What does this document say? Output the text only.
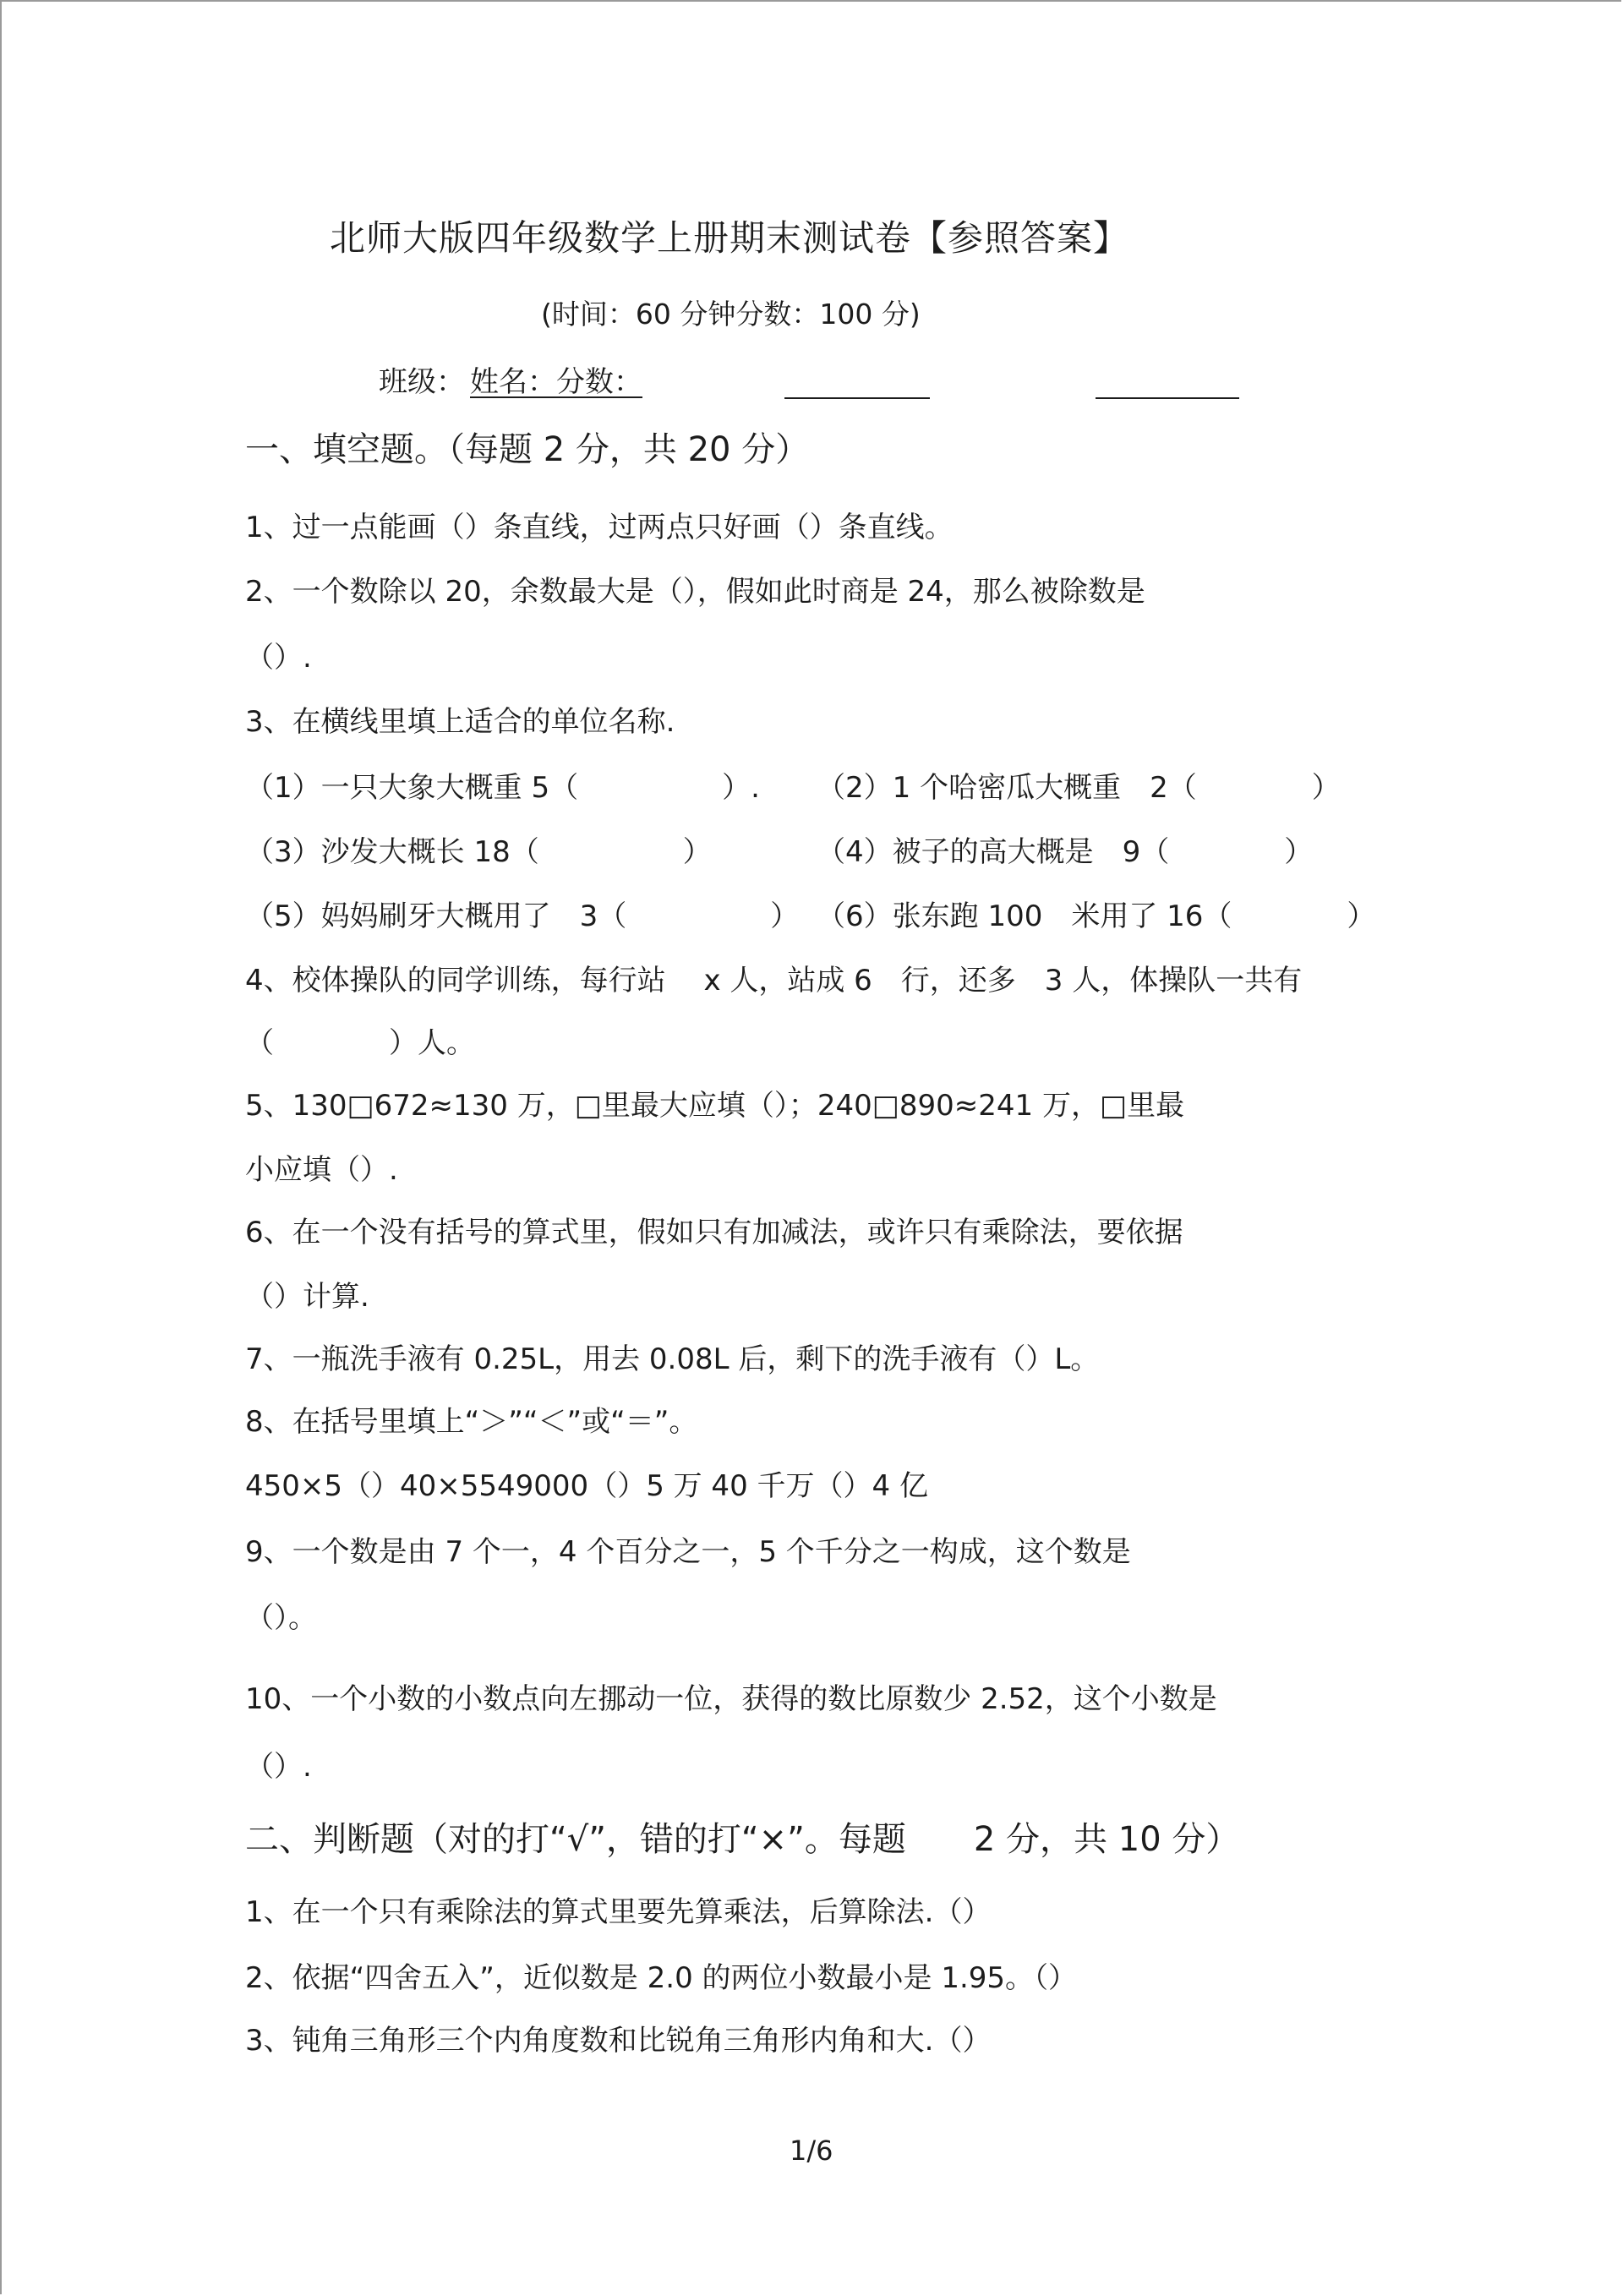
北师大版四年级数学上册期末测试卷【参照答案】
(时间：60 分钟分数：100 分)
班级： 姓名：分数：
一、填空题。（每题 2 分，共 20 分）
1、过一点能画（）条直线，过两点只好画（）条直线。
2、一个数除以 20，余数最大是（），假如此时商是 24，那么被除数是
（）.
3、在横线里填上适合的单位名称.
（1）一只大象大概重 5（　　　　　）. （2）1 个哈密瓜大概重　2（　　　　）
（3）沙发大概长 18（　　　　　）	（4）被子的高大概是　9（　　　　）
（5）妈妈刷牙大概用了　3（　　　　　） （6）张东跑 100　米用了 16（　　　　）
4、校体操队的同学训练，每行站　 x 人，站成 6　行，还多　3 人，体操队一共有
（　　　　）人。
5、130□672≈130 万，□里最大应填（）；240□890≈241 万，□里最
小应填（）.
6、在一个没有括号的算式里，假如只有加减法，或许只有乘除法，要依据
（）计算.
7、一瓶洗手液有 0.25L，用去 0.08L 后，剩下的洗手液有（）L。
8、在括号里填上“＞”“＜”或“＝”。
450×5（）40×5549000（）5 万 40 千万（）4 亿
9、一个数是由 7 个一，4 个百分之一，5 个千分之一构成，这个数是
（）。
10、一个小数的小数点向左挪动一位，获得的数比原数少 2.52，这个小数是
（）.
二、判断题（对的打“√”，错的打“×”。每题　　2 分，共 10 分）
1、在一个只有乘除法的算式里要先算乘法，后算除法.（）
2、依据“四舍五入”，近似数是 2.0 的两位小数最小是 1.95。（）
3、钝角三角形三个内角度数和比锐角三角形内角和大.（）
1/6
